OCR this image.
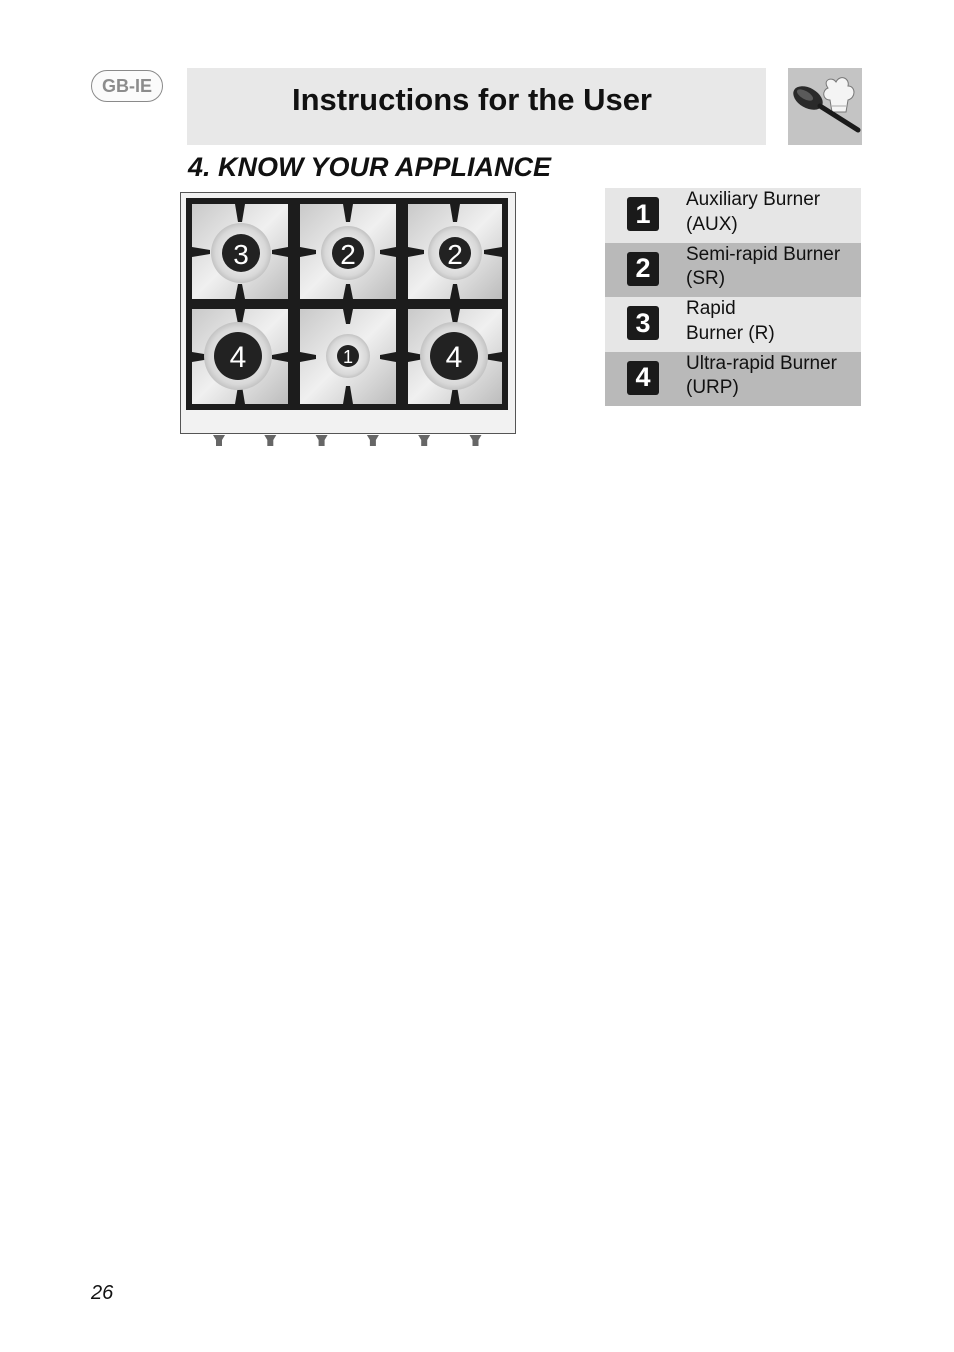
GB-IE	Instructions for the User
4. KNOW YOUR APPLIANCE
3	2	2
4	1	4
1	Auxiliary Burner
(AUX)
2	Semi-rapid Burner
(SR)
3	Rapid
Burner (R)
4	Ultra-rapid Burner
(URP)
26
